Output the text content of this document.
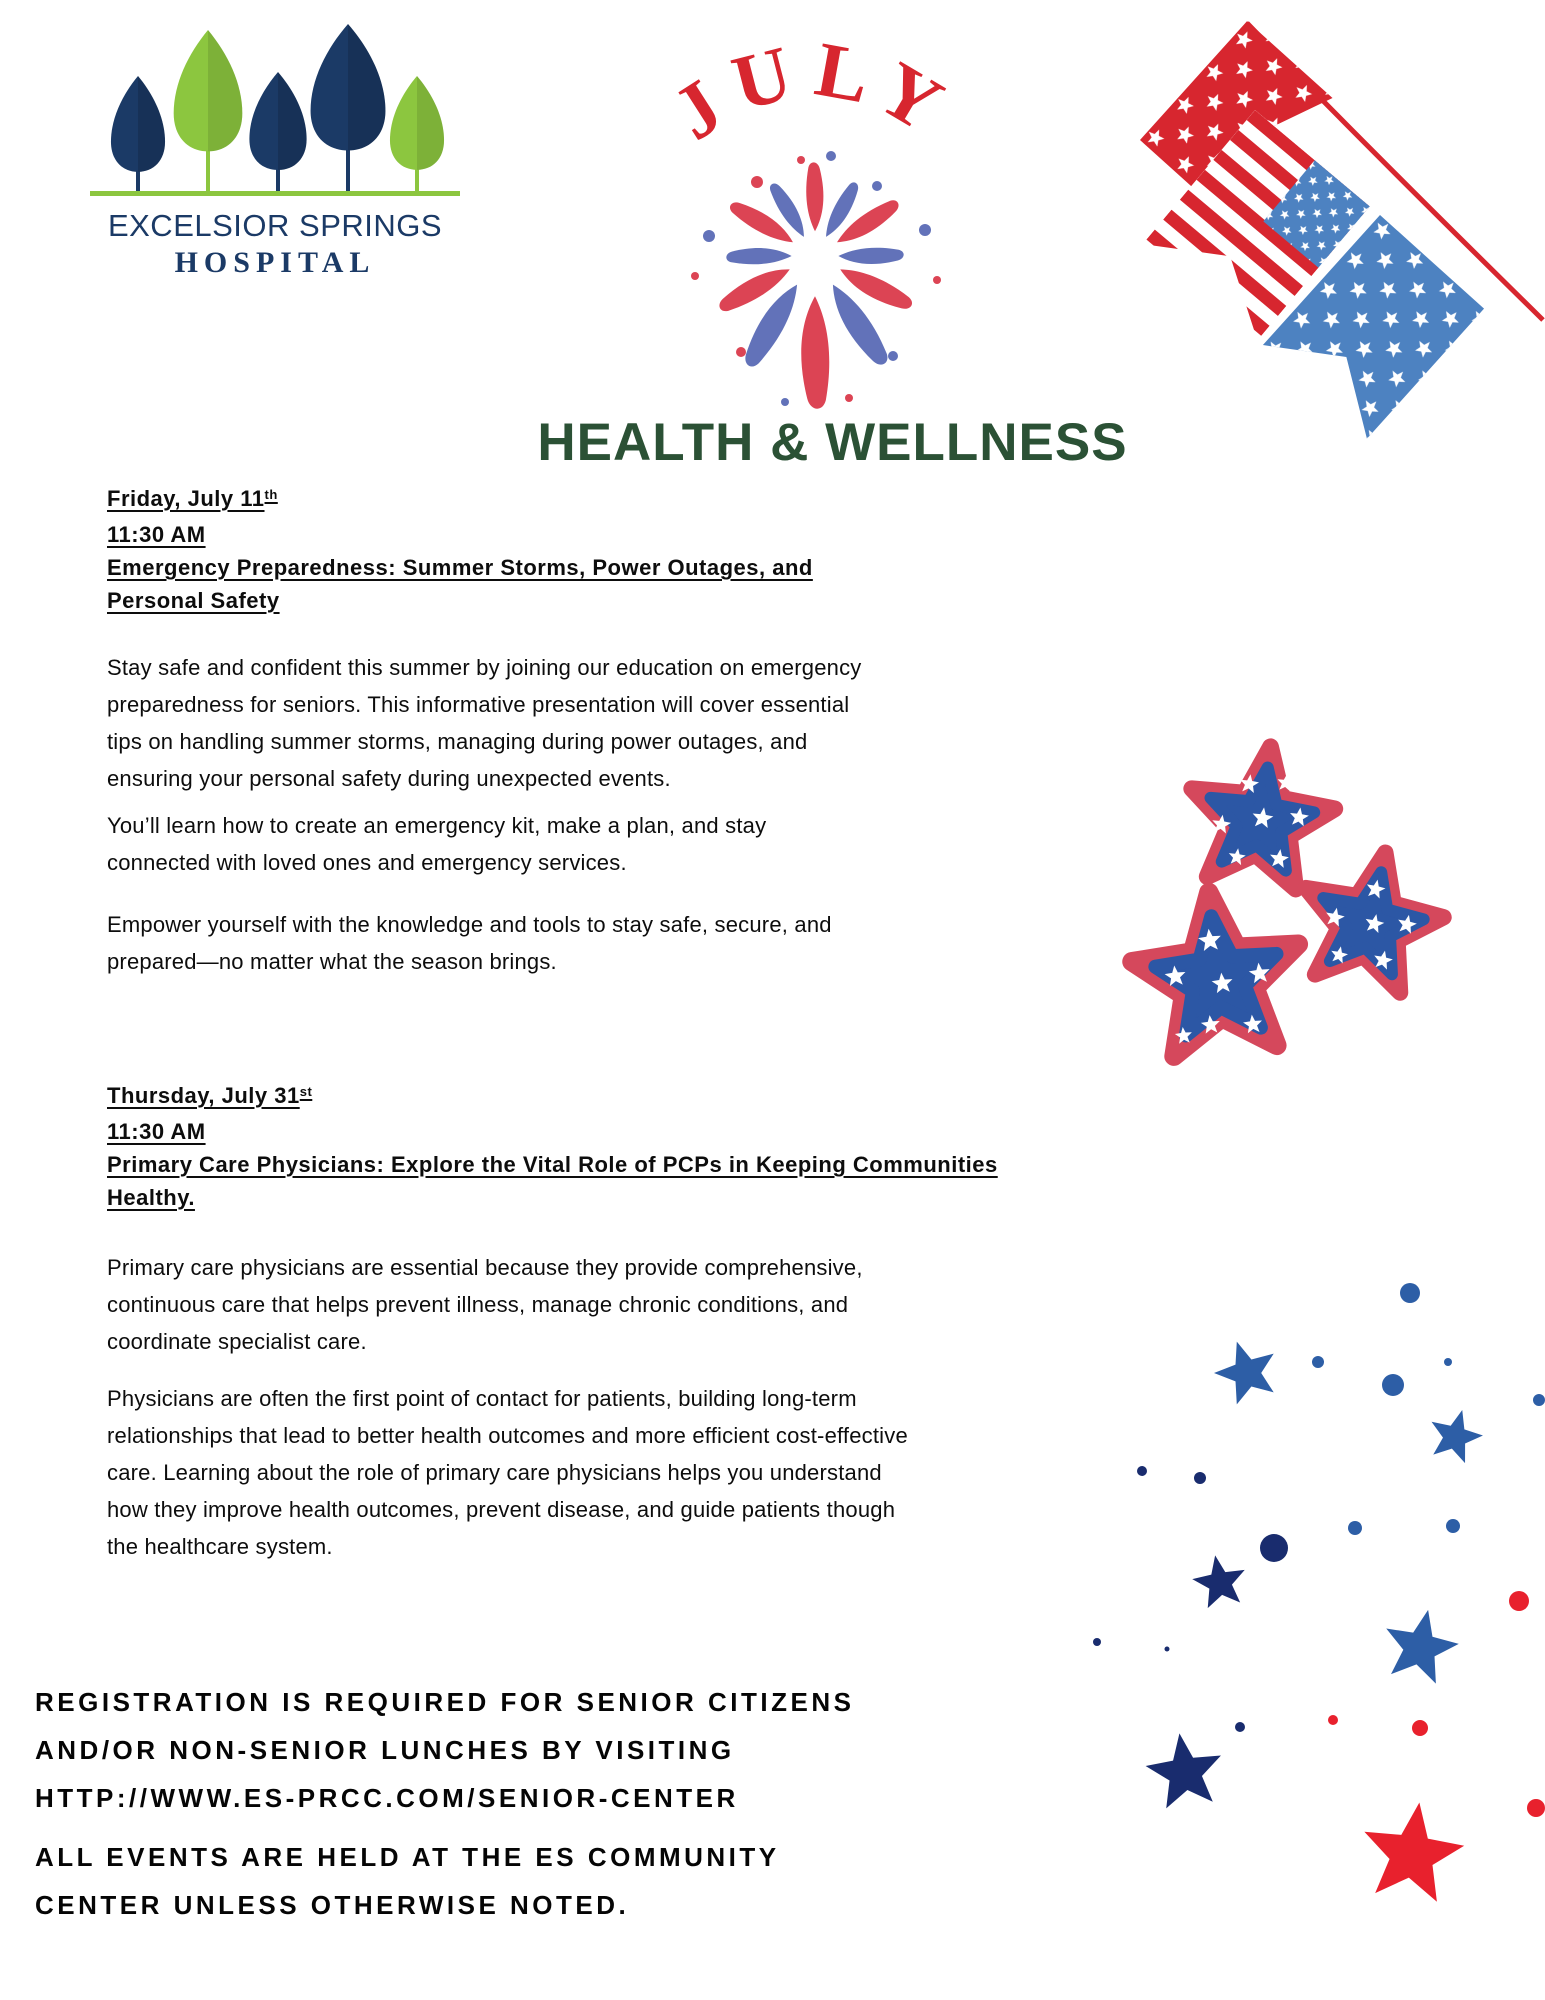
EXCELSIOR SPRINGS
HOSPITAL
JULY
HEALTH & WELLNESS
Friday, July 11th
11:30 AM
Emergency Preparedness: Summer Storms, Power Outages, and Personal Safety

Stay safe and confident this summer by joining our education on emergency preparedness for seniors. This informative presentation will cover essential tips on handling summer storms, managing during power outages, and ensuring your personal safety during unexpected events.

You’ll learn how to create an emergency kit, make a plan, and stay connected with loved ones and emergency services.

Empower yourself with the knowledge and tools to stay safe, secure, and prepared—no matter what the season brings.

Thursday, July 31st
11:30 AM
Primary Care Physicians: Explore the Vital Role of PCPs in Keeping Communities Healthy.

Primary care physicians are essential because they provide comprehensive, continuous care that helps prevent illness, manage chronic conditions, and coordinate specialist care.

Physicians are often the first point of contact for patients, building long-term relationships that lead to better health outcomes and more efficient cost-effective care. Learning about the role of primary care physicians helps you understand how they improve health outcomes, prevent disease, and guide patients though the healthcare system.

REGISTRATION IS REQUIRED FOR SENIOR CITIZENS
AND/OR NON-SENIOR LUNCHES BY VISITING
HTTP://WWW.ES-PRCC.COM/SENIOR-CENTER
ALL EVENTS ARE HELD AT THE ES COMMUNITY
CENTER UNLESS OTHERWISE NOTED.
